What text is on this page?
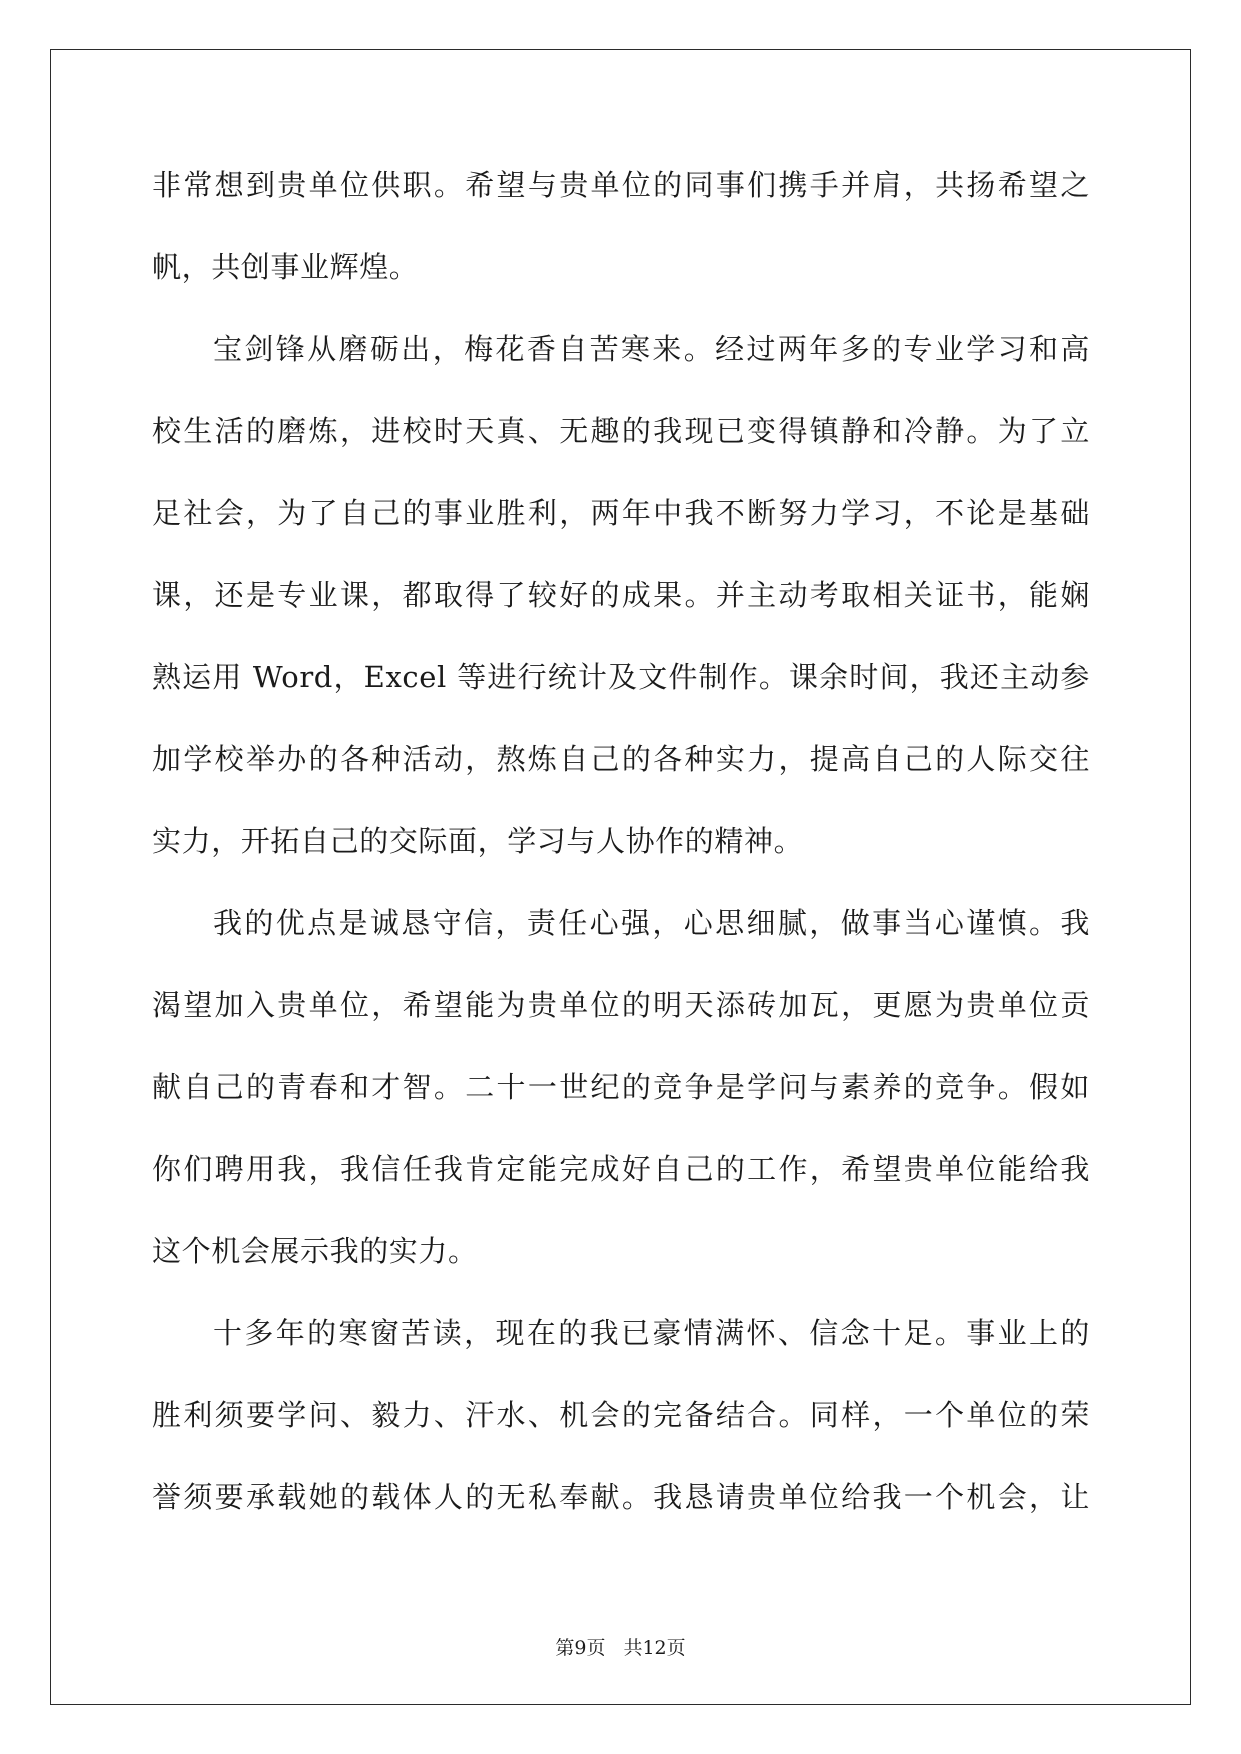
非常想到贵单位供职。希望与贵单位的同事们携手并肩，共扬希望之
帆，共创事业辉煌。
宝剑锋从磨砺出，梅花香自苦寒来。经过两年多的专业学习和高
校生活的磨炼，进校时天真、无趣的我现已变得镇静和冷静。为了立
足社会，为了自己的事业胜利，两年中我不断努力学习，不论是基础
课，还是专业课，都取得了较好的成果。并主动考取相关证书，能娴
熟运用 Word，Excel 等进行统计及文件制作。课余时间，我还主动参
加学校举办的各种活动，熬炼自己的各种实力，提高自己的人际交往
实力，开拓自己的交际面，学习与人协作的精神。
我的优点是诚恳守信，责任心强，心思细腻，做事当心谨慎。我
渴望加入贵单位，希望能为贵单位的明天添砖加瓦，更愿为贵单位贡
献自己的青春和才智。二十一世纪的竞争是学问与素养的竞争。假如
你们聘用我，我信任我肯定能完成好自己的工作，希望贵单位能给我
这个机会展示我的实力。
十多年的寒窗苦读，现在的我已豪情满怀、信念十足。事业上的
胜利须要学问、毅力、汗水、机会的完备结合。同样，一个单位的荣
誉须要承载她的载体人的无私奉献。我恳请贵单位给我一个机会，让
第9页 共12页
